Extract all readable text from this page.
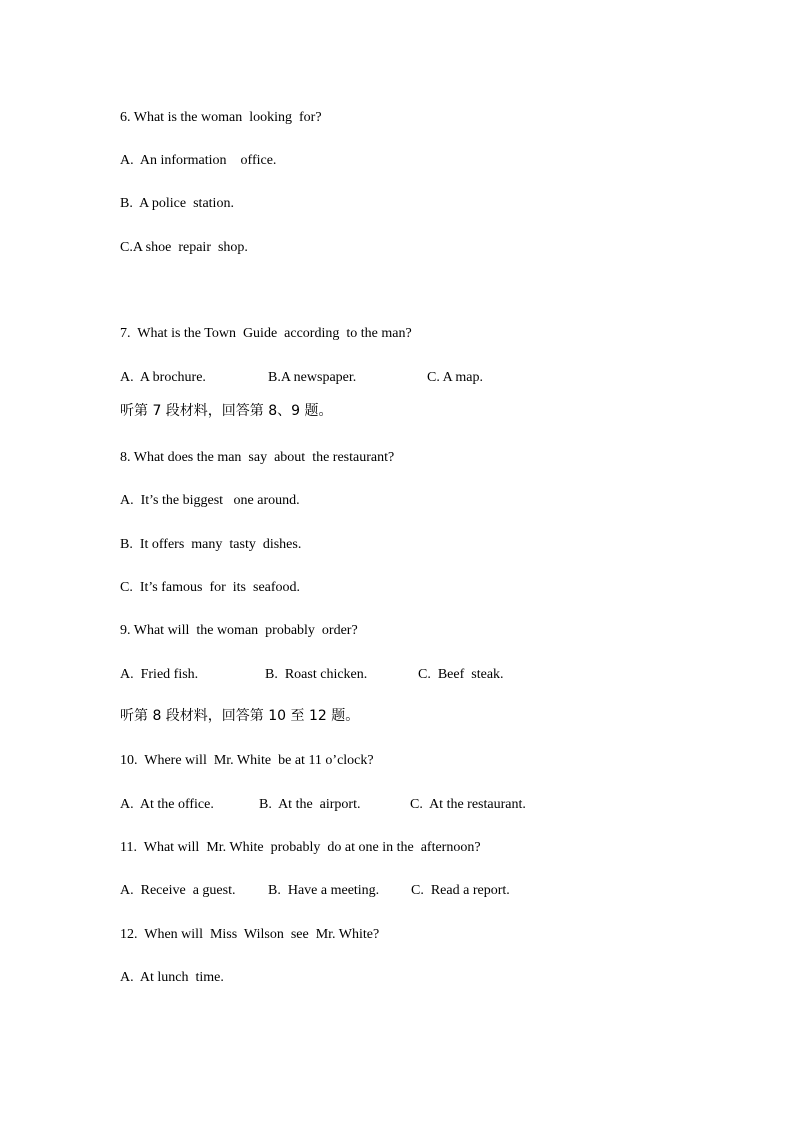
6. What is the woman  looking  for?
A.  An information    office.
B.  A police  station.
C.A shoe  repair  shop.
7.  What is the Town  Guide  according  to the man?
A.  A brochure.	B.A newspaper.	C. A map.
听第 7 段材料，回答第 8、9 题。
8. What does the man  say  about  the restaurant?
A.  It’s the biggest   one around.
B.  It offers  many  tasty  dishes.
C.  It’s famous  for  its  seafood.
9. What will  the woman  probably  order?
A.  Fried fish.	B.  Roast chicken.	C.  Beef  steak.
听第 8 段材料，回答第 10 至 12 题。
10.  Where will  Mr. White  be at 11 o’clock?
A.  At the office.	B.  At the  airport.	C.  At the restaurant.
11.  What will  Mr. White  probably  do at one in the  afternoon?
A.  Receive  a guest. B.  Have a meeting. C.  Read a report.
12.  When will  Miss  Wilson  see  Mr. White?
A.  At lunch  time.
